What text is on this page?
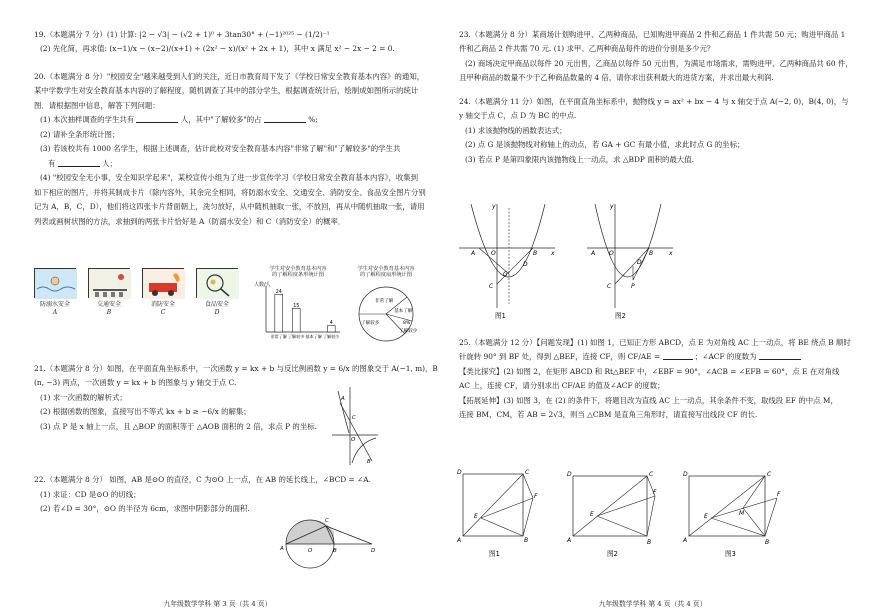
19.（本题满分 7 分）(1) 计算: |2 − √3| − (√2 + 1)⁰ + 3tan30° + (−1)²⁰²⁵ − (1/2)⁻¹
(2) 先化简，再求值: (x−1)/x − (x−2)/(x+1) ÷ (2x² − x)/(x² + 2x + 1)，其中 x 满足 x² − 2x − 2 = 0.
20.（本题满分 8 分）"校园安全"越来越受到人们的关注，近日市教育局下发了《学校日常安全教育基本内容》的通知，
某中学数学生对安全教育基本内容的了解程度，随机调查了其中的部分学生，根据调查统计后，绘制成如图所示的统计
图．请根据图中信息，解答下列问题：
(1) 本次抽样调查的学生共有	人，其中"了解较多"的占	%;
(2) 请补全条形统计图；
(3) 若该校共有 1000 名学生，根据上述调查，估计此校对安全教育基本内容"非常了解"和"了解较多"的学生共
有	人；
(4) "校园安全无小事，安全知识学起来"，某校宣传小组为了进一步宣传学习《学校日常安全教育基本内容》，收集到
如下相应的图片，并将其制成卡片（除内容外，其余完全相同，将防溺水安全、交通安全、消防安全、食品安全图片分别
记为 A，B，C，D），他们将这四张卡片背面朝上，洗匀放好，从中随机抽取一张，不放回，再从中随机抽取一张，请用
列表或画树状图的方法，求抽到的两张卡片恰好是 A（防溺水安全）和 C（消防安全）的概率．
防溺水安全
A
交通安全
B
消防安全
C
食品安全
D
学生对安全教育基本内容
的了解程度条形统计图
人数/人
24
非常了解
15
了解较多 基本了解
4
了解较少
学生对安全教育基本内容
的了解程度扇形统计图
非常了解
了解较多
基本了解
了解较少
8%
21.（本题满分 8 分）如图，在平面直角坐标系中，一次函数 y = kx + b 与反比例函数 y = 6/x 的图象交于 A(−1, m)，B
(n, −3) 两点，一次函数 y = kx + b 的图象与 y 轴交于点 C.
(1) 求一次函数的解析式；
(2) 根据函数的图象，直接写出不等式 kx + b ≥ −6/x 的解集；
(3) 点 P 是 x 轴上一点，且 △BOP 的面积等于 △AOB 面积的 2 倍，求点 P 的坐标.
22.（本题满分 8 分） 如图，AB 是⊙O 的直径，C 为⊙O 上一点，在 AB 的延长线上，∠BCD = ∠A.
(1) 求证：CD 是⊙O 的切线；
(2) 若∠D = 30°，⊙O 的半径为 6cm，求图中阴影部分的面积.
A
C
O
B
A	O	B
C
D
九年级数学学科 第 3 页（共 4 页）
23.（本题满分 8 分）某商场计划购进甲、乙两种商品，已知购进甲商品 2 件和乙商品 1 件共需 50 元；购进甲商品 1
件和乙商品 2 件共需 70 元. (1) 求甲、乙两种商品每件的进价分别是多少元？
(2) 商场决定甲商品以每件 20 元出售，乙商品以每件 50 元出售，为满足市场需求，需购进甲、乙两种商品共 60 件，
且甲种商品的数量不少于乙种商品数量的 4 倍，请你求出获利最大的进货方案，并求出最大利润.
24.（本题满分 11 分）如图，在平面直角坐标系中，抛物线 y = ax² + bx − 4 与 x 轴交于点 A(−2, 0)，B(4, 0)，与
y 轴交于点 C，点 D 为 BC 的中点.
(1) 求该抛物线的函数表达式；
(2) 点 G 是该抛物线对称轴上的动点，若 GA + GC 有最小值，求此时点 G 的坐标；
(3) 若点 P 是第四象限内该抛物线上一动点，求 △BDP 面积的最大值.
A	O	B x
y
C
D
G
图1
A O	B	x
y
C
D
P
图2
25.（本题满分 12 分）【问题发现】(1) 如图 1，已知正方形 ABCD，点 E 为对角线 AC 上一动点，将 BE 绕点 B 顺时
针旋转 90° 到 BF 处，得到 △BEF，连接 CF，则 CF/AE =	；∠ACF 的度数为
【类比探究】(2) 如图 2，在矩形 ABCD 和 Rt△BEF 中，∠EBF = 90°，∠ACB = ∠EFB = 60°，点 E 在对角线
AC 上，连接 CF，请分别求出 CF/AE 的值及∠ACF 的度数；
【拓展延伸】(3) 如图 3，在 (2) 的条件下，将题目改为直线 AC 上一动点，其余条件不变，取线段 EF 的中点 M，
连接 BM，CM，若 AB = 2√3，则当 △CBM 是直角三角形时，请直接写出线段 CF 的长.
D	C
A	B
E
F
图1
D	C
A	B
E
F
图2
D	C
A	B
E
F
M
图3
九年级数学学科 第 4 页（共 4 页）
